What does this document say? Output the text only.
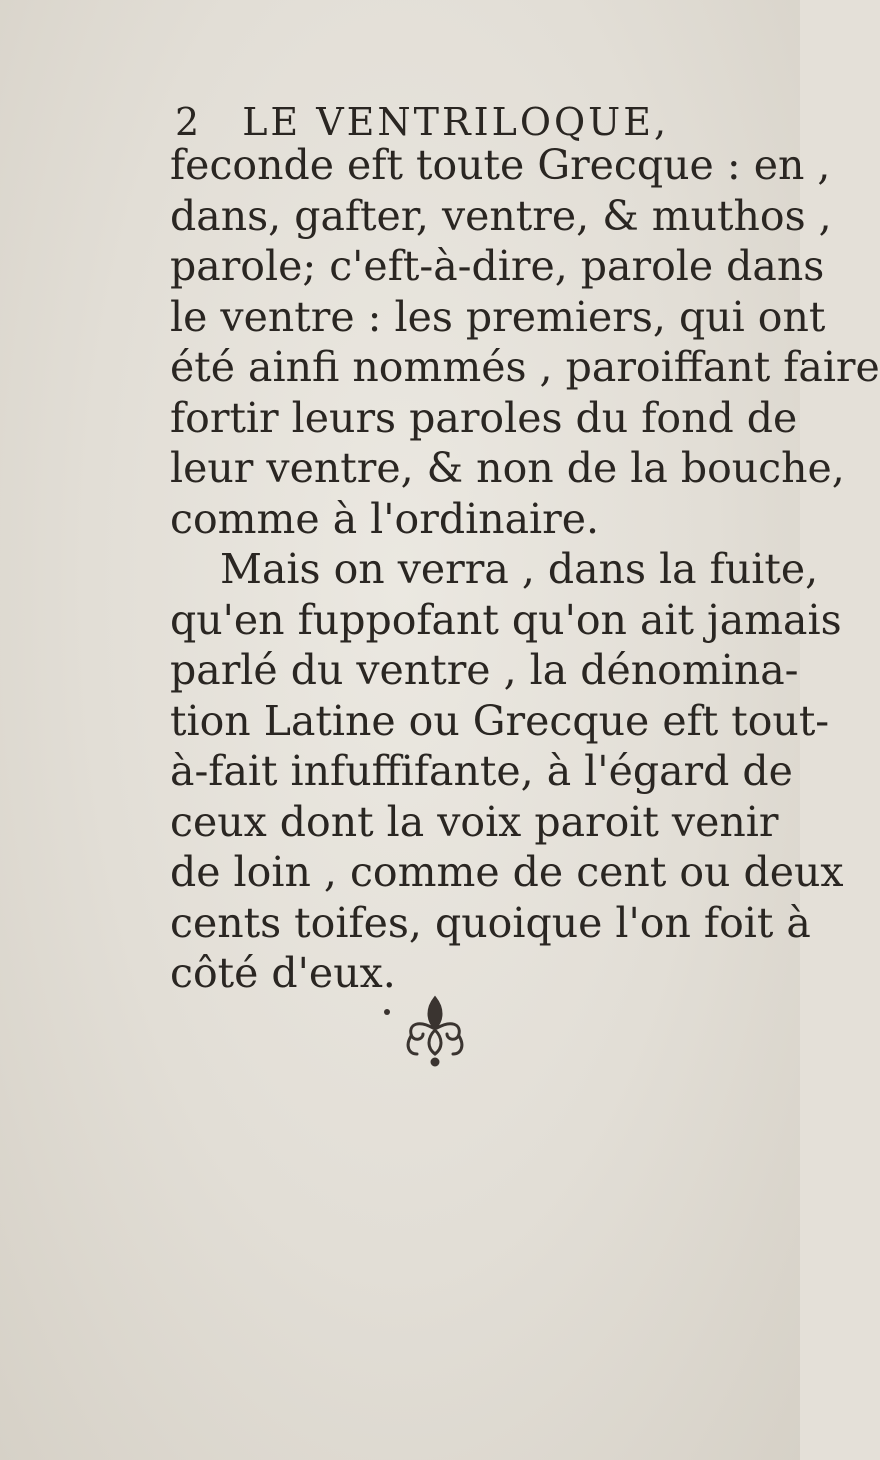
2 LE VENTRILOQUE,
feconde eft toute Grecque : en ,
dans, gafter, ventre, & muthos ,
parole; c'eft-à-dire, parole dans
le ventre : les premiers, qui ont
été ainfi nommés , paroiffant faire
fortir leurs paroles du fond de
leur ventre, & non de la bouche,
comme à l'ordinaire.
Mais on verra , dans la fuite,
qu'en fuppofant qu'on ait jamais
parlé du ventre , la dénomina-
tion Latine ou Grecque eft tout-
à-fait infuffifante, à l'égard de
ceux dont la voix paroit venir
de loin , comme de cent ou deux
cents toifes, quoique l'on foit à
côté d'eux.
